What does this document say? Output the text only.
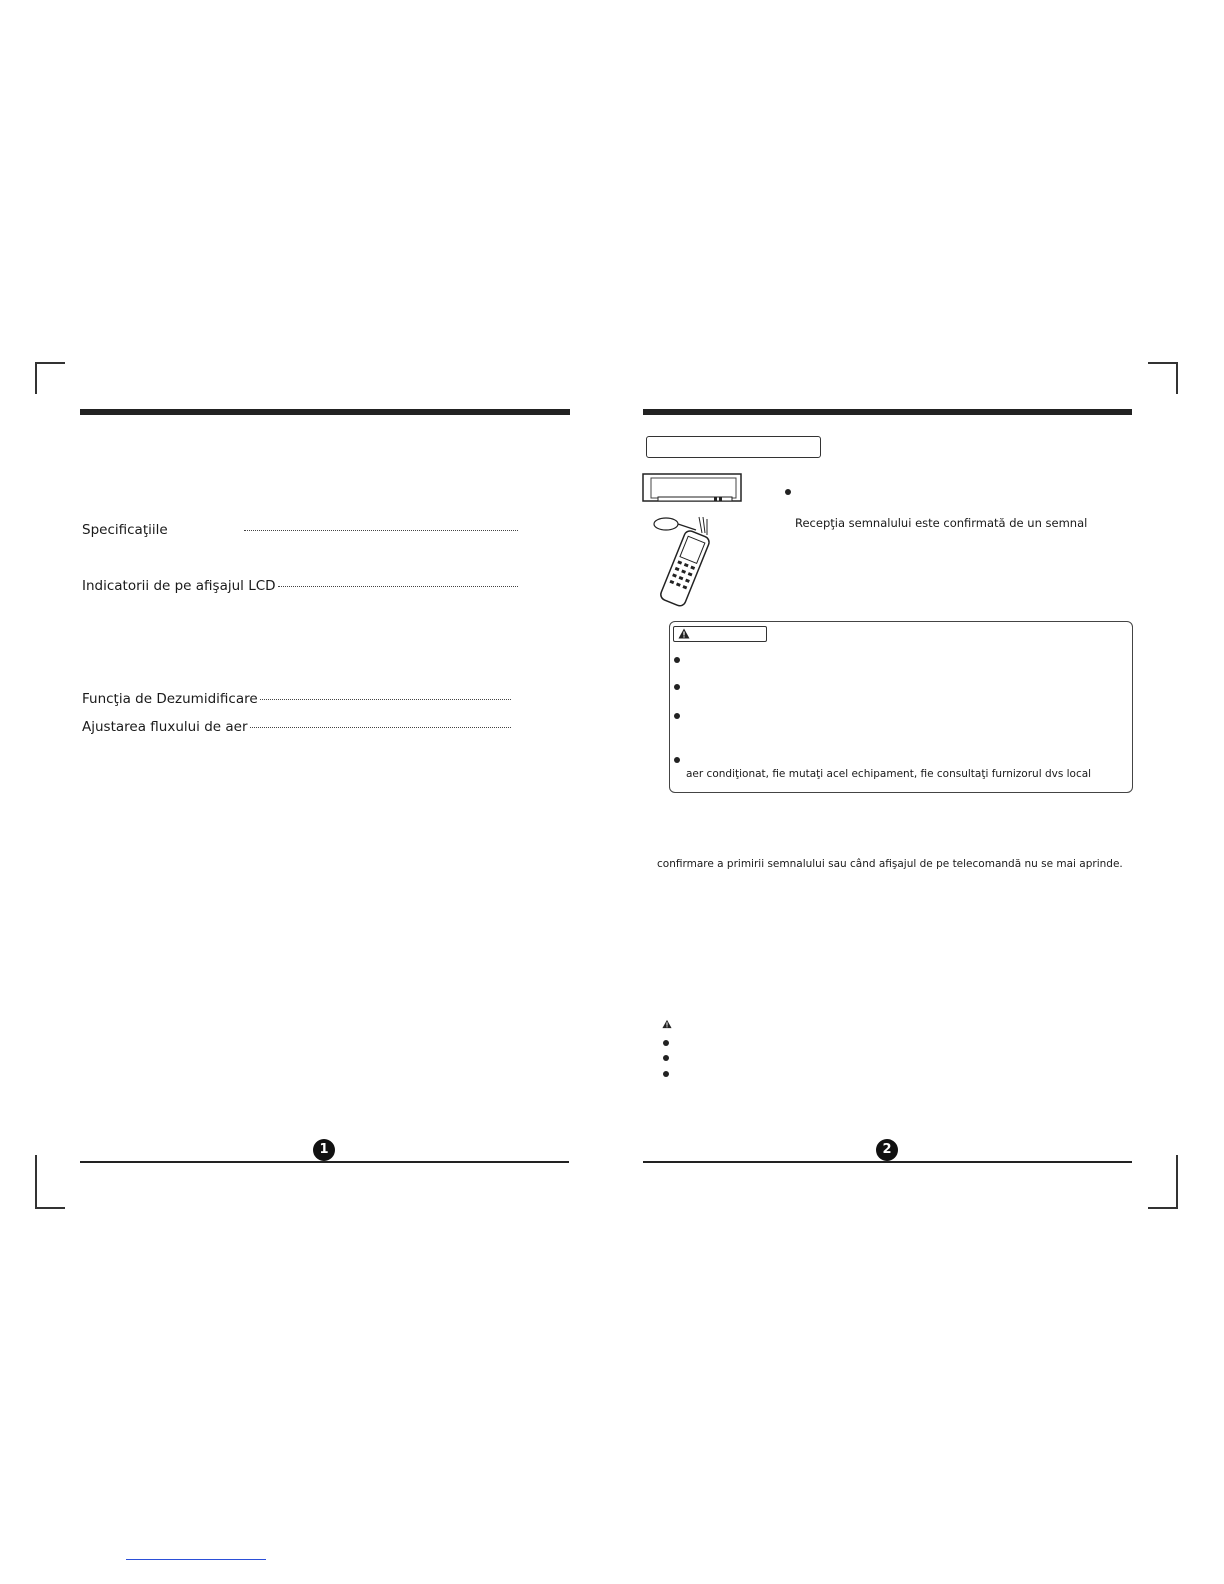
Specificaţiile
Indicatorii de pe afişajul LCD
Funcţia de Dezumidificare
Ajustarea fluxului de aer
1
Recepţia semnalului este confirmată de un semnal
aer condiţionat, fie mutaţi acel echipament, fie consultaţi furnizorul dvs local
confirmare a primirii semnalului sau când afişajul de pe telecomandă nu se mai aprinde.
2
